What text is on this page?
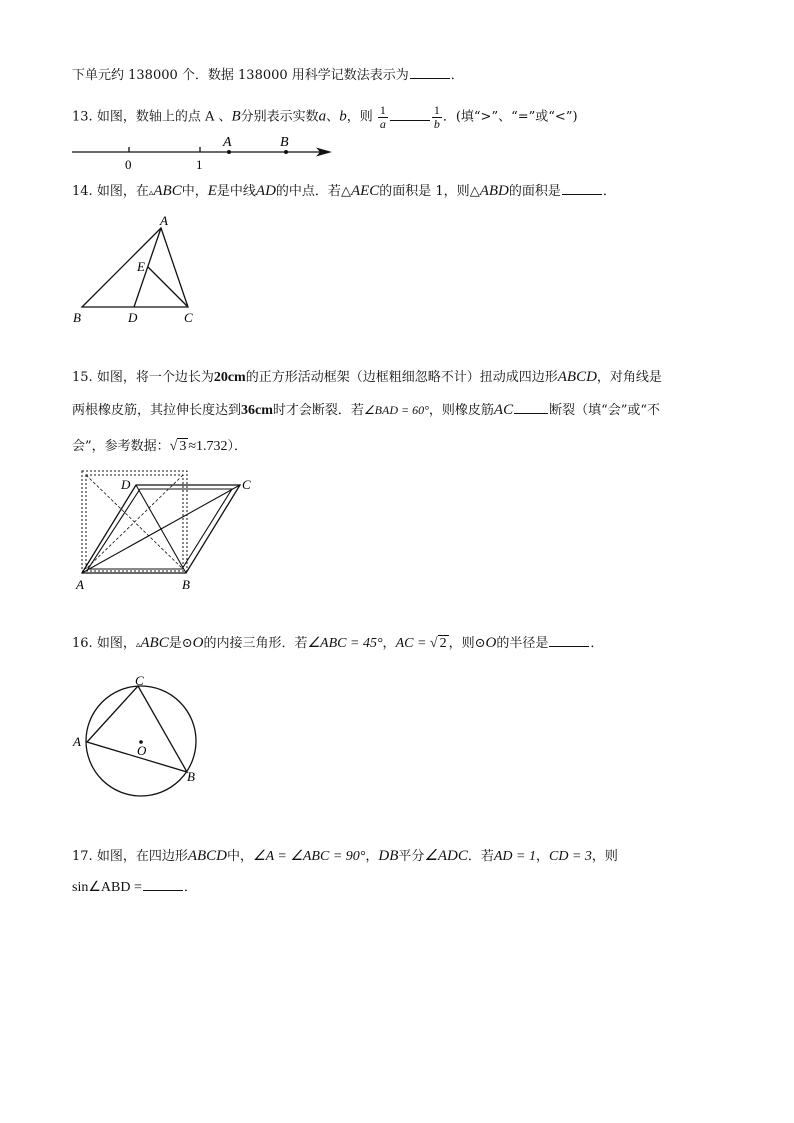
下单元约 138000 个．数据 138000 用科学记数法表示为	．
13. 如图，数轴上的点 A 、B分别表示实数a、b，则 $\frac{1}{a}$	$\frac{1}{b}$ ．(填“>”、“=”或“<”)
0	1
A	B
14. 如图，在▵ABC中，E是中线AD的中点．若△AEC的面积是 1，则△ABD的面积是	．
A
E
B	D	C
15. 如图，将一个边长为20cm的正方形活动框架（边框粗细忽略不计）扭动成四边形ABCD，对角线是
两根橡皮筋，其拉伸长度达到36cm时才会断裂．若∠BAD = 60°，则橡皮筋AC	断裂（填“会”或“不
会”，参考数据：√ 3 ≈1.732）．
A	B
C
D
16. 如图，▵ABC是⊙O的内接三角形．若∠ABC = 45°，AC = √ 2 ，则⊙O的半径是	．
C
A
B
O
17. 如图，在四边形ABCD中，∠A = ∠ABC = 90°，DB平分∠ADC．若AD = 1，CD = 3，则
sin∠ABD =	．
